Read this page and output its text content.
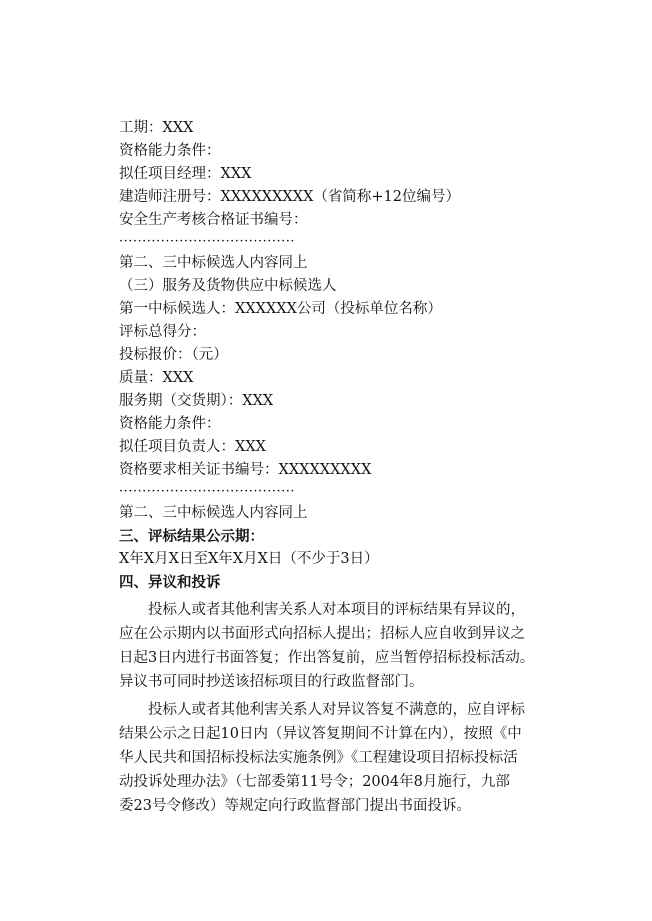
工期：XXX
资格能力条件：
拟任项目经理：XXX
建造师注册号：XXXXXXXXX（省简称+12位编号）
安全生产考核合格证书编号：
······································
第二、三中标候选人内容同上
（三）服务及货物供应中标候选人
第一中标候选人：XXXXXX公司（投标单位名称）
评标总得分：
投标报价：（元）
质量：XXX
服务期（交货期）：XXX
资格能力条件：
拟任项目负责人：XXX
资格要求相关证书编号：XXXXXXXXX
······································
第二、三中标候选人内容同上
三、评标结果公示期：
X年X月X日至X年X月X日（不少于3日）
四、异议和投诉
投标人或者其他利害关系人对本项目的评标结果有异议的，
应在公示期内以书面形式向招标人提出；招标人应自收到异议之
日起3日内进行书面答复；作出答复前，应当暂停招标投标活动。
异议书可同时抄送该招标项目的行政监督部门。
投标人或者其他利害关系人对异议答复不满意的，应自评标
结果公示之日起10日内（异议答复期间不计算在内），按照《中
华人民共和国招标投标法实施条例》《工程建设项目招标投标活
动投诉处理办法》（七部委第11号令；2004年8月施行，九部
委23号令修改）等规定向行政监督部门提出书面投诉。
